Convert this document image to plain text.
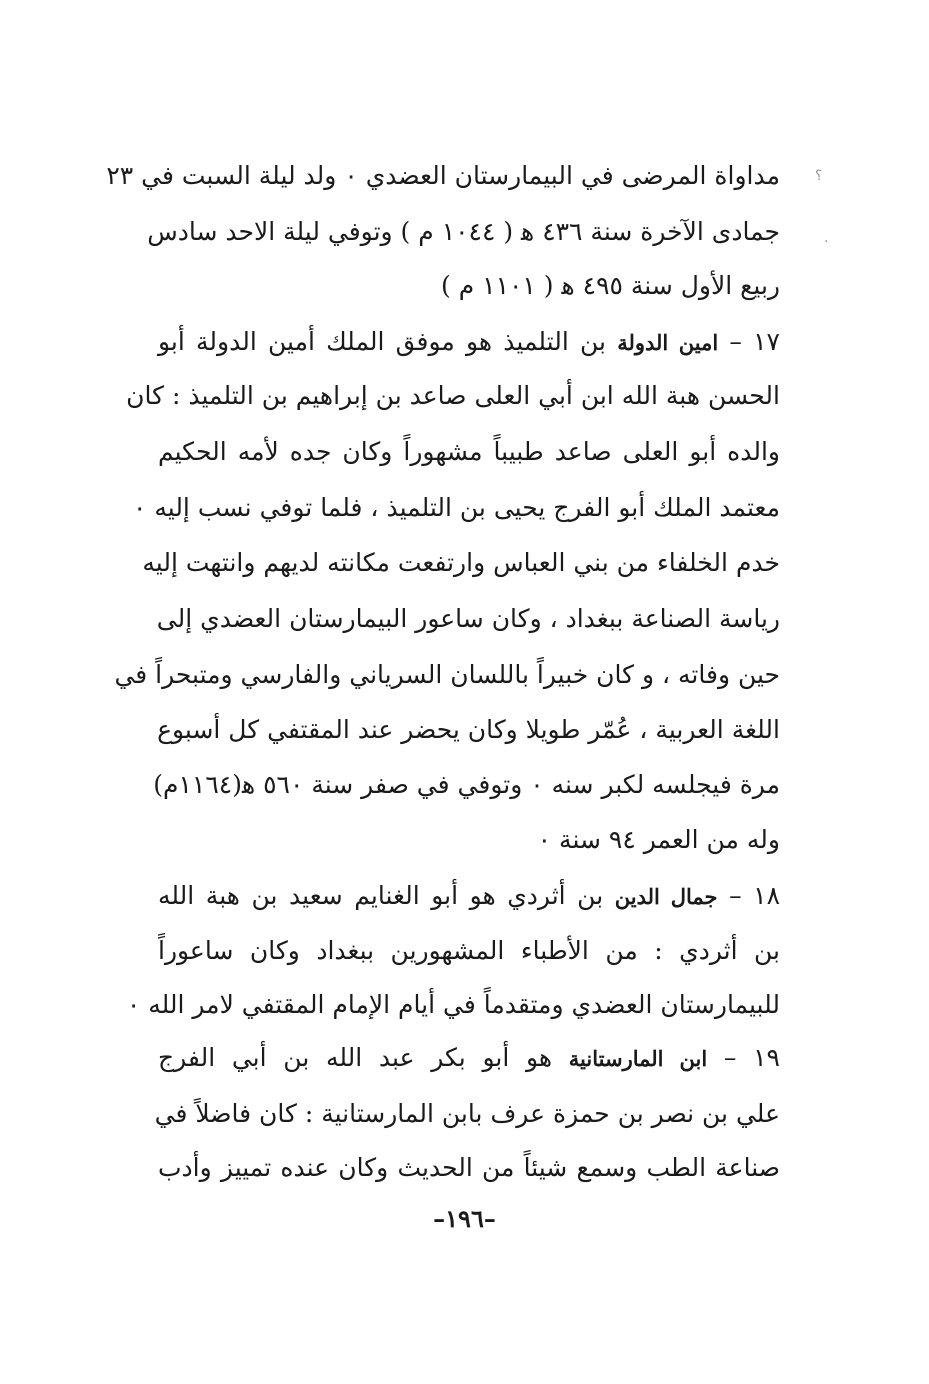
⸮
·
مداواة المرضى في البيمارستان العضدي ٠ ولد ليلة السبت في ٢٣
جمادى الآخرة سنة ٤٣٦ ﻫ ( ١٠٤٤ م ) وتوفي ليلة الاحد سادس
ربيع الأول سنة ٤٩٥ ﻫ ( ١١٠١ م )
١٧ – امين الدولة بن التلميذ هو موفق الملك أمين الدولة أبو
الحسن هبة الله ابن أبي العلى صاعد بن إبراهيم بن التلميذ : كان
والده أبو العلى صاعد طبيباً مشهوراً وكان جده لأمه الحكيم
معتمد الملك أبو الفرج يحيى بن التلميذ ، فلما توفي نسب إليه ٠
خدم الخلفاء من بني العباس وارتفعت مكانته لديهم وانتهت إليه
رياسة الصناعة ببغداد ، وكان ساعور البيمارستان العضدي إلى
حين وفاته ، و كان خبيراً باللسان السرياني والفارسي ومتبحراً في
اللغة العربية ، عُمّر طويلا وكان يحضر عند المقتفي كل أسبوع
مرة فيجلسه لكبر سنه ٠ وتوفي في صفر سنة ٥٦٠ ﻫ(١١٦٤م)
وله من العمر ٩٤ سنة ٠
١٨ – جمال الدين بن أثردي هو أبو الغنايم سعيد بن هبة الله
بن أثردي : من الأطباء المشهورين ببغداد وكان ساعوراً
للبيمارستان العضدي ومتقدماً في أيام الإمام المقتفي لامر الله ٠
١٩ – ابن المارستانية هو أبو بكر عبد الله بن أبي الفرج
علي بن نصر بن حمزة عرف بابن المارستانية : كان فاضلاً في
صناعة الطب وسمع شيئاً من الحديث وكان عنده تمييز وأدب
–١٩٦–
